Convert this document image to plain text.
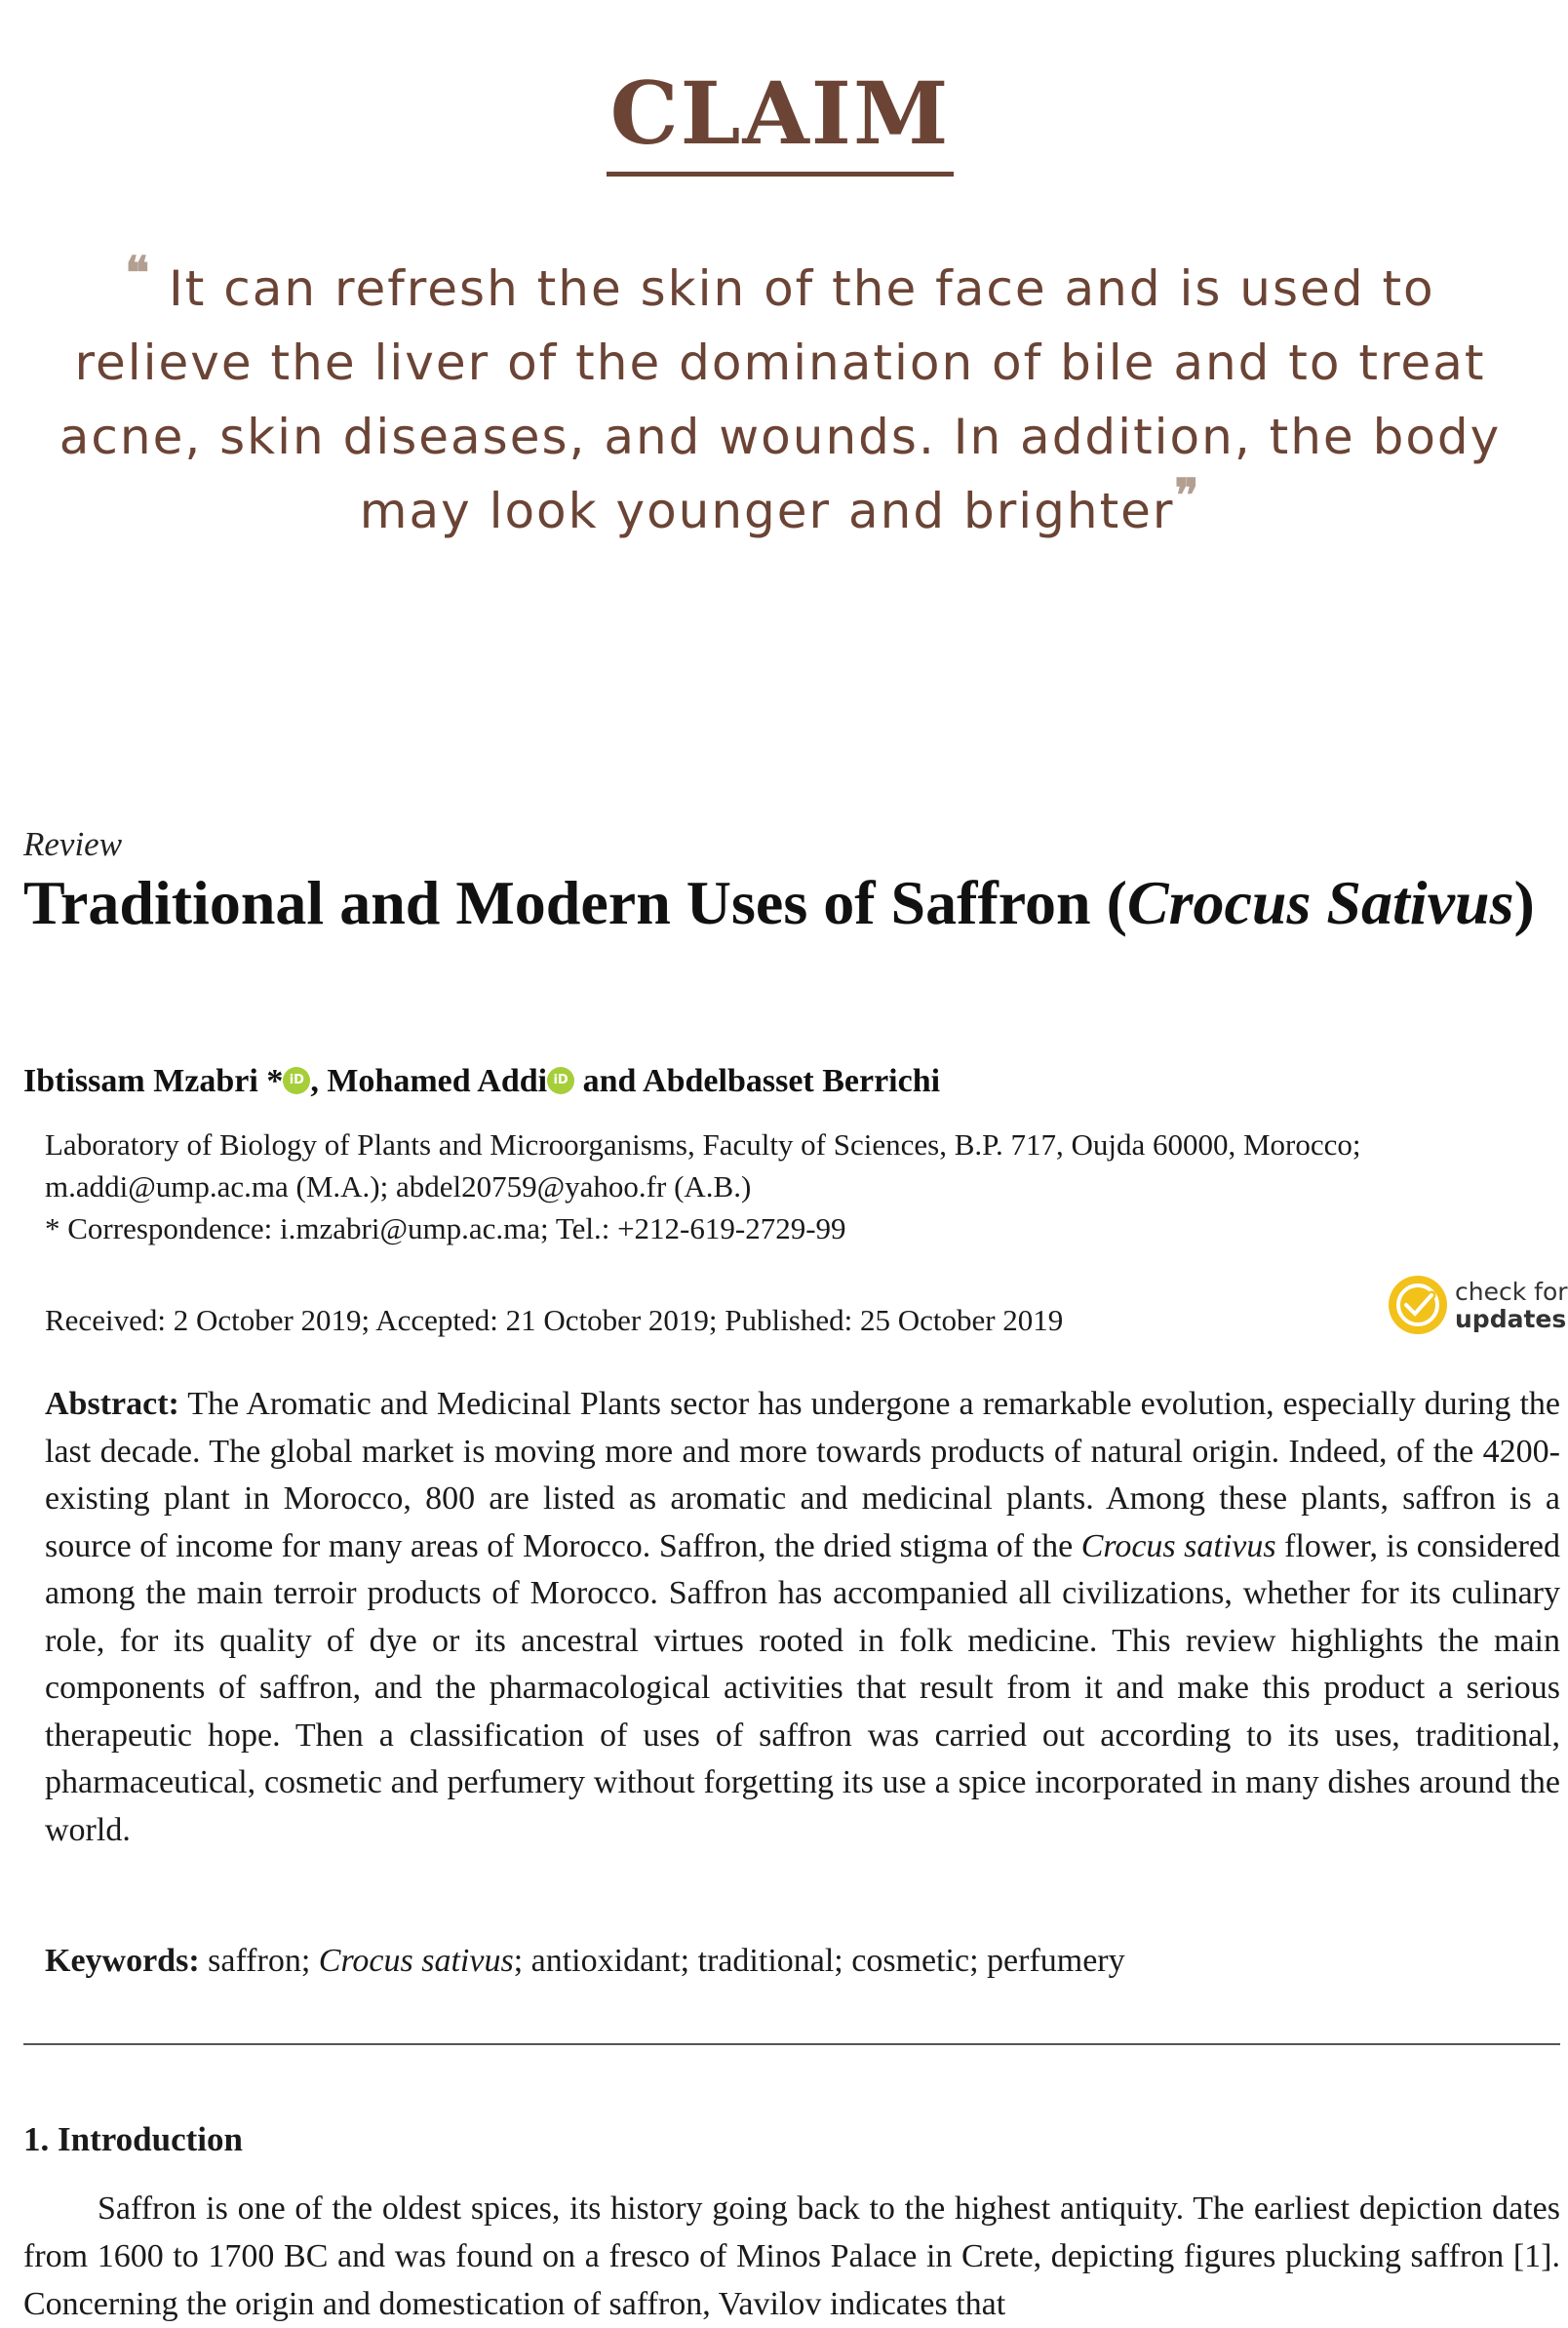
CLAIM
❝ It can refresh the skin of the face and is used to relieve the liver of the domination of bile and to treat acne, skin diseases, and wounds. In addition, the body may look younger and brighter❞
Review
Traditional and Modern Uses of Saffron (Crocus Sativus)
Ibtissam Mzabri * iD , Mohamed Addi iD and Abdelbasset Berrichi
Laboratory of Biology of Plants and Microorganisms, Faculty of Sciences, B.P. 717, Oujda 60000, Morocco;
m.addi@ump.ac.ma (M.A.); abdel20759@yahoo.fr (A.B.)
* Correspondence: i.mzabri@ump.ac.ma; Tel.: +212-619-2729-99
Received: 2 October 2019; Accepted: 21 October 2019; Published: 25 October 2019
check for
updates
Abstract: The Aromatic and Medicinal Plants sector has undergone a remarkable evolution, especially during the last decade. The global market is moving more and more towards products of natural origin. Indeed, of the 4200-existing plant in Morocco, 800 are listed as aromatic and medicinal plants. Among these plants, saffron is a source of income for many areas of Morocco. Saffron, the dried stigma of the Crocus sativus flower, is considered among the main terroir products of Morocco. Saffron has accompanied all civilizations, whether for its culinary role, for its quality of dye or its ancestral virtues rooted in folk medicine. This review highlights the main components of saffron, and the pharmacological activities that result from it and make this product a serious therapeutic hope. Then a classification of uses of saffron was carried out according to its uses, traditional, pharmaceutical, cosmetic and perfumery without forgetting its use a spice incorporated in many dishes around the world.
Keywords: saffron; Crocus sativus; antioxidant; traditional; cosmetic; perfumery
1. Introduction
Saffron is one of the oldest spices, its history going back to the highest antiquity. The earliest depiction dates from 1600 to 1700 BC and was found on a fresco of Minos Palace in Crete, depicting figures plucking saffron [1]. Concerning the origin and domestication of saffron, Vavilov indicates that
